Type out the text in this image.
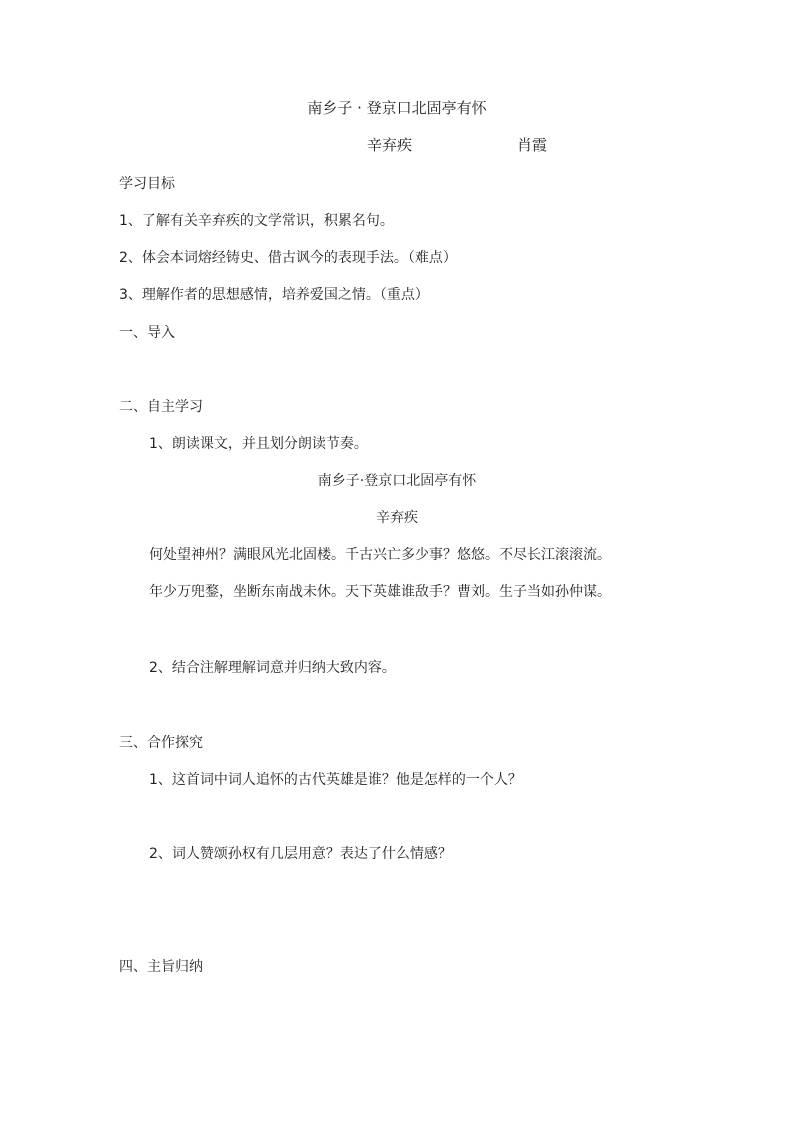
南乡子 · 登京口北固亭有怀
辛弃疾	肖霞
学习目标
1、了解有关辛弃疾的文学常识，积累名句。
2、体会本词熔经铸史、借古讽今的表现手法。（难点）
3、理解作者的思想感情，培养爱国之情。（重点）
一、导入
二、自主学习
1、朗读课文，并且划分朗读节奏。
南乡子·登京口北固亭有怀
辛弃疾
何处望神州？满眼风光北固楼。千古兴亡多少事？悠悠。不尽长江滚滚流。
年少万兜鍪，坐断东南战未休。天下英雄谁敌手？曹刘。生子当如孙仲谋。
2、结合注解理解词意并归纳大致内容。
三、合作探究
1、这首词中词人追怀的古代英雄是谁？他是怎样的一个人？
2、词人赞颂孙权有几层用意？表达了什么情感？
四、主旨归纳
